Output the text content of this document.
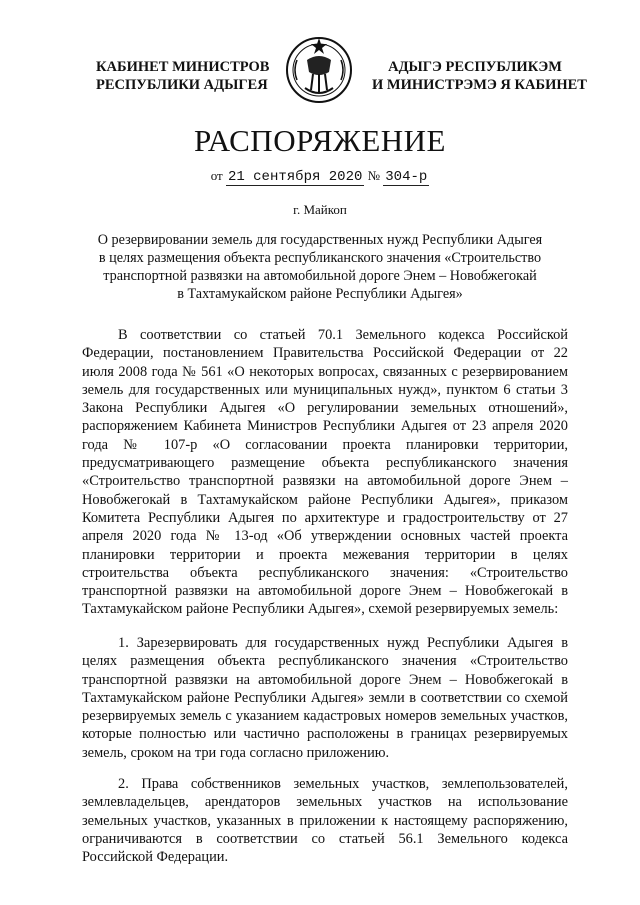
КАБИНЕТ МИНИСТРОВ
РЕСПУБЛИКИ АДЫГЕЯ
АДЫГЭ РЕСПУБЛИКЭМ
И МИНИСТРЭМЭ Я КАБИНЕТ
РАСПОРЯЖЕНИЕ
от 21 сентября 2020 № 304-р
г. Майкоп
О резервировании земель для государственных нужд Республики Адыгея
в целях размещения объекта республиканского значения «Строительство
транспортной развязки на автомобильной дороге Энем – Новобжегокай
в Тахтамукайском районе Республики Адыгея»
В соответствии со статьей 70.1 Земельного кодекса Российской Федерации, постановлением Правительства Российской Федерации от 22 июля 2008 года № 561 «О некоторых вопросах, связанных с резервированием земель для государственных или муниципальных нужд», пунктом 6 статьи 3 Закона Республики Адыгея «О регулировании земельных отношений», распоряжением Кабинета Министров Республики Адыгея от 23 апреля 2020 года № 107-р «О согласовании проекта планировки территории, предусматривающего размещение объекта республиканского значения «Строительство транспортной развязки на автомобильной дороге Энем – Новобжегокай в Тахтамукайском районе Республики Адыгея», приказом Комитета Республики Адыгея по архитектуре и градостроительству от 27 апреля 2020 года № 13-од «Об утверждении основных частей проекта планировки территории и проекта межевания территории в целях строительства объекта республиканского значения: «Строительство транспортной развязки на автомобильной дороге Энем – Новобжегокай в Тахтамукайском районе Республики Адыгея», схемой резервируемых земель:
1. Зарезервировать для государственных нужд Республики Адыгея в целях размещения объекта республиканского значения «Строительство транспортной развязки на автомобильной дороге Энем – Новобжегокай в Тахтамукайском районе Республики Адыгея» земли в соответствии со схемой резервируемых земель с указанием кадастровых номеров земельных участков, которые полностью или частично расположены в границах резервируемых земель, сроком на три года согласно приложению.
2. Права собственников земельных участков, землепользователей, землевладельцев, арендаторов земельных участков на использование земельных участков, указанных в приложении к настоящему распоряжению, ограничиваются в соответствии со статьей 56.1 Земельного кодекса Российской Федерации.
